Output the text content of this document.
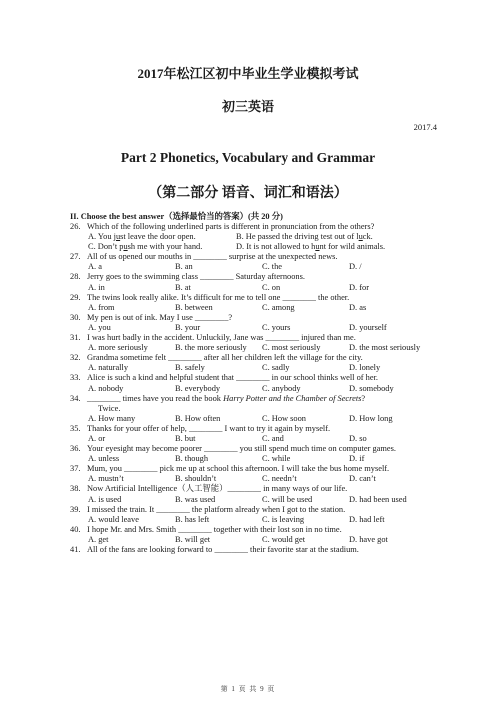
2017年松江区初中毕业生学业模拟考试
初三英语
2017.4
Part 2 Phonetics, Vocabulary and Grammar
（第二部分 语音、词汇和语法）
II. Choose the best answer（选择最恰当的答案）(共 20 分)
26. Which of the following underlined parts is different in pronunciation from the others?
A. You just leave the door open.	B. He passed the driving test out of luck.
C. Don’t push me with your hand.	D. It is not allowed to hunt for wild animals.
27. All of us opened our mouths in ________ surprise at the unexpected news.
A. a	B. an	C. the	D. /
28. Jerry goes to the swimming class ________ Saturday afternoons.
A. in	B. at	C. on	D. for
29. The twins look really alike. It’s difficult for me to tell one ________ the other.
A. from	B. between	C. among	D. as
30. My pen is out of ink. May I use ________?
A. you	B. your	C. yours	D. yourself
31. I was hurt badly in the accident. Unluckily, Jane was ________ injured than me.
A. more seriously	B. the more seriously	C. most seriously	D. the most seriously
32. Grandma sometime felt ________ after all her children left the village for the city.
A. naturally	B. safely	C. sadly	D. lonely
33. Alice is such a kind and helpful student that ________ in our school thinks well of her.
A. nobody	B. everybody	C. anybody	D. somebody
34. ________ times have you read the book Harry Potter and the Chamber of Secrets?
Twice.
A. How many	B. How often	C. How soon	D. How long
35. Thanks for your offer of help, ________ I want to try it again by myself.
A. or	B. but	C. and	D. so
36. Your eyesight may become poorer ________ you still spend much time on computer games.
A. unless	B. though	C. while	D. if
37. Mum, you ________ pick me up at school this afternoon. I will take the bus home myself.
A. mustn’t	B. shouldn’t	C. needn’t	D. can’t
38. Now Artificial Intelligence（人工智能）________ in many ways of our life.
A. is used	B. was used	C. will be used	D. had been used
39. I missed the train. It ________ the platform already when I got to the station.
A. would leave	B. has left	C. is leaving	D. had left
40. I hope Mr. and Mrs. Smith ________ together with their lost son in no time.
A. get	B. will get	C. would get	D. have got
41. All of the fans are looking forward to ________ their favorite star at the stadium.
第 1 页 共 9 页
